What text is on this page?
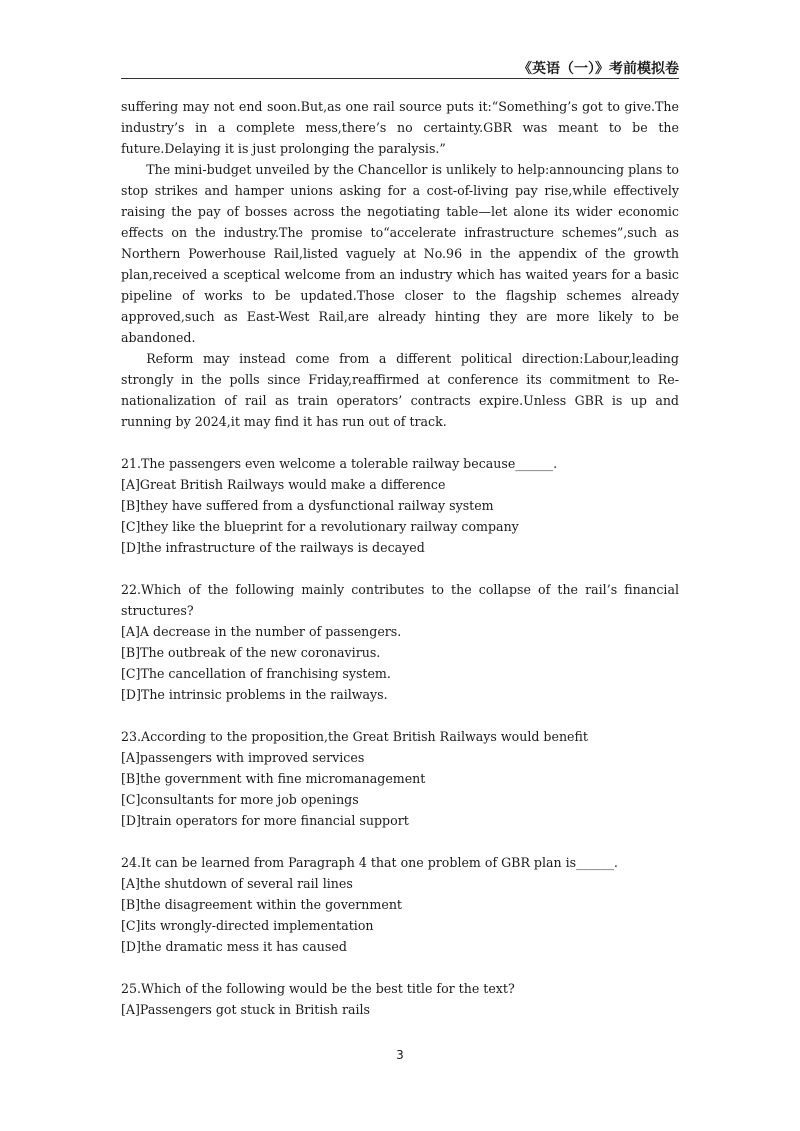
《英语（一）》考前模拟卷

suffering may not end soon.But,as one rail source puts it:“Something’s got to give.The industry’s in a complete mess,there’s no certainty.GBR was meant to be the future.Delaying it is just prolonging the paralysis.”

The mini-budget unveiled by the Chancellor is unlikely to help:announcing plans to stop strikes and hamper unions asking for a cost-of-living pay rise,while effectively raising the pay of bosses across the negotiating table—let alone its wider economic effects on the industry.The promise to“accelerate infrastructure schemes”,such as Northern Powerhouse Rail,listed vaguely at No.96 in the appendix of the growth plan,received a sceptical welcome from an industry which has waited years for a basic pipeline of works to be updated.Those closer to the flagship schemes already approved,such as East-West Rail,are already hinting they are more likely to be abandoned.

Reform may instead come from a different political direction:Labour,leading strongly in the polls since Friday,reaffirmed at conference its commitment to Re-nationalization of rail as train operators’ contracts expire.Unless GBR is up and running by 2024,it may find it has run out of track.

21.The passengers even welcome a tolerable railway because______.

[A]Great British Railways would make a difference

[B]they have suffered from a dysfunctional railway system

[C]they like the blueprint for a revolutionary railway company

[D]the infrastructure of the railways is decayed

22.Which of the following mainly contributes to the collapse of the rail’s financial structures?

[A]A decrease in the number of passengers.

[B]The outbreak of the new coronavirus.

[C]The cancellation of franchising system.

[D]The intrinsic problems in the railways.

23.According to the proposition,the Great British Railways would benefit

[A]passengers with improved services

[B]the government with fine micromanagement

[C]consultants for more job openings

[D]train operators for more financial support

24.It can be learned from Paragraph 4 that one problem of GBR plan is______.

[A]the shutdown of several rail lines

[B]the disagreement within the government

[C]its wrongly-directed implementation

[D]the dramatic mess it has caused

25.Which of the following would be the best title for the text?

[A]Passengers got stuck in British rails

3
